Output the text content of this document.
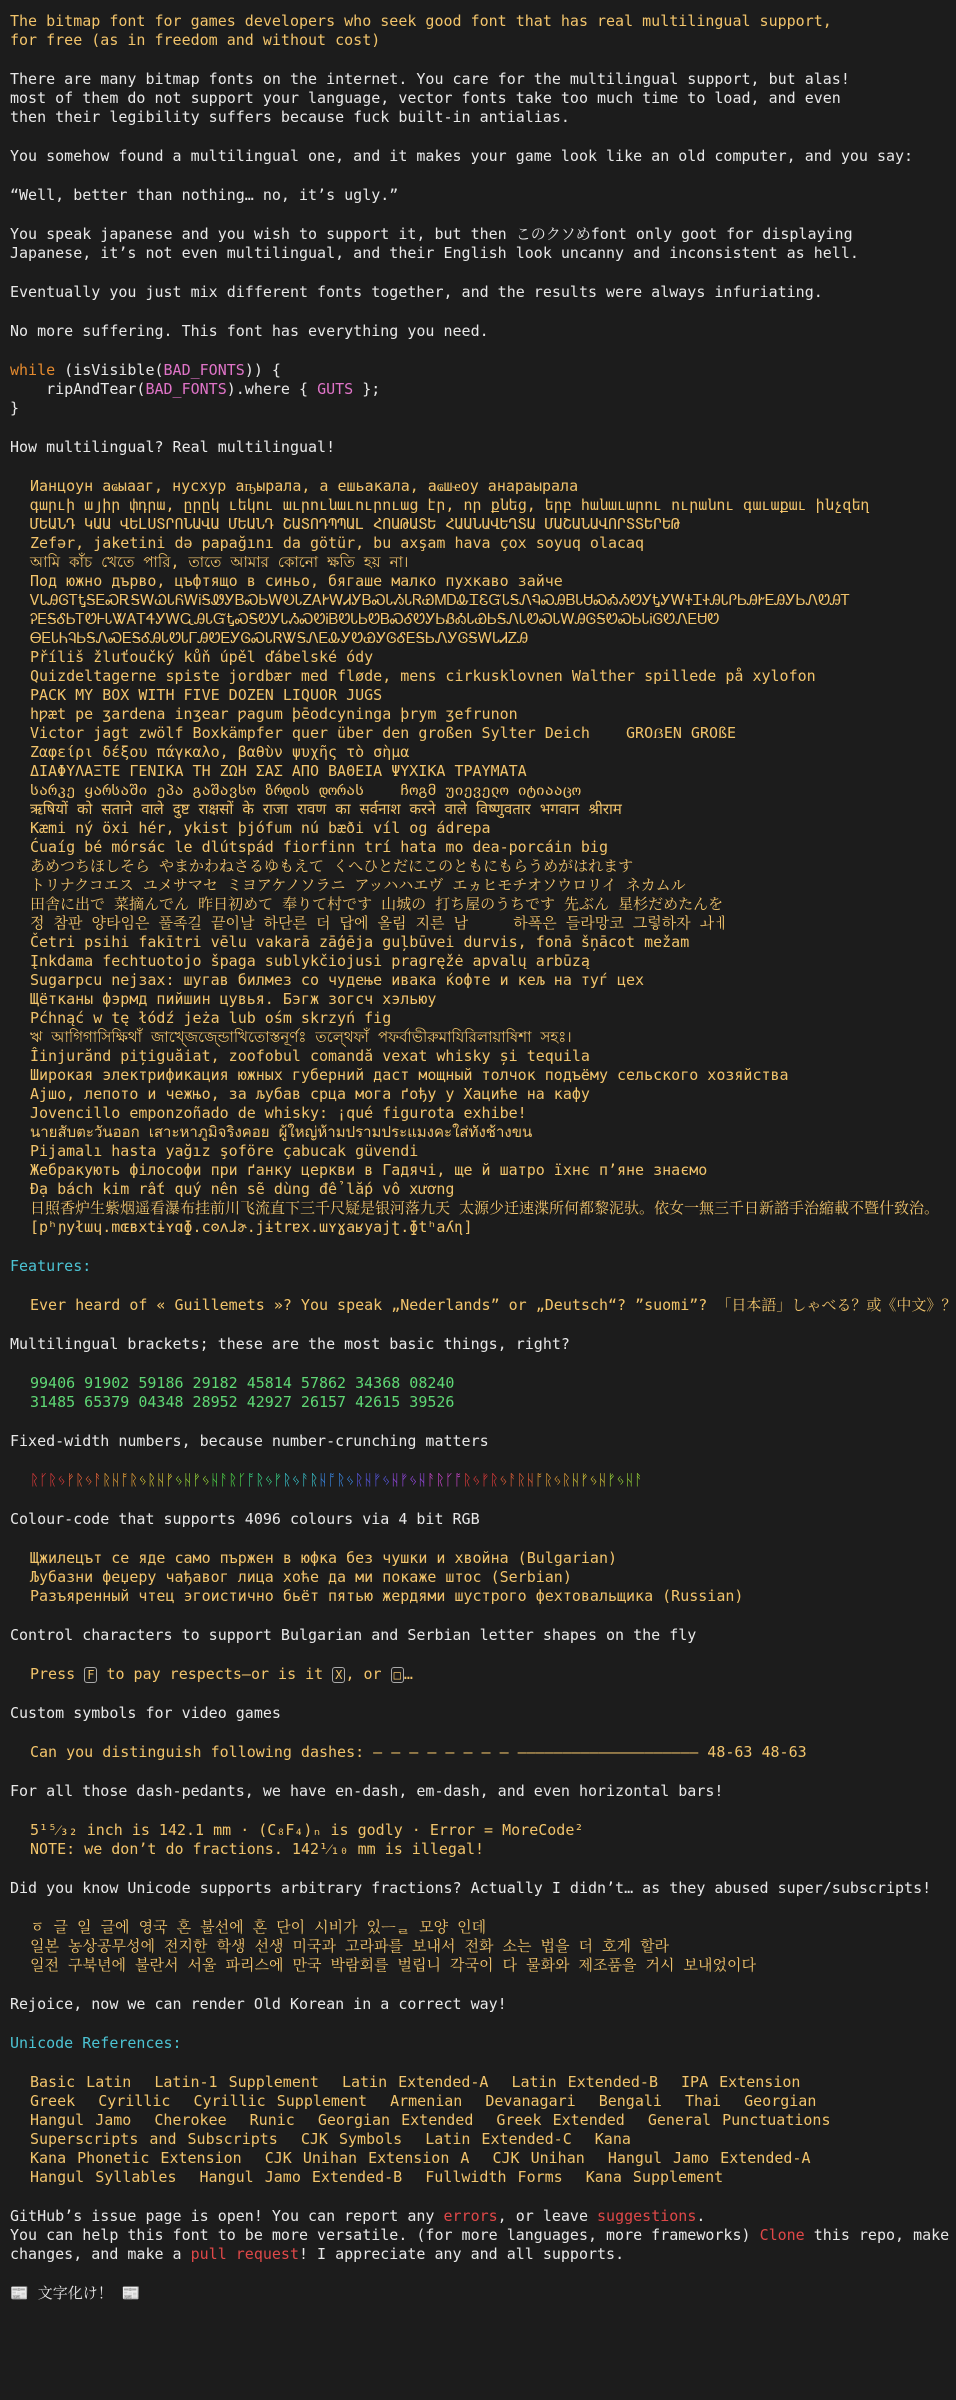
The bitmap font for games developers who seek good font that has real multilingual support,
for free (as in freedom and without cost)
There are many bitmap fonts on the internet. You care for the multilingual support, but alas!
most of them do not support your language, vector fonts take too much time to load, and even
then their legibility suffers because fuck built-in antialias.
You somehow found a multilingual one, and it makes your game look like an old computer, and you say:
“Well, better than nothing… no, it’s ugly.”
You speak japanese and you wish to support it, but then このクソめfont only goot for displaying
Japanese, it’s not even multilingual, and their English look uncanny and inconsistent as hell.
Eventually you just mix different fonts together, and the results were always infuriating.
No more suffering. This font has everything you need.
while (isVisible(BAD_FONTS)) {
ripAndTear(BAD_FONTS).where { GUTS };
}
How multilingual? Real multilingual!
Ианцоун аҩыааг, нусхур аҧырала, а ешьакала, аҩшҽоу анараырала
գարւի այիր փդրա, ըրըկ ւեկու աւրունաւուրուաց էր, որ քնեց, երբ հանաւարու ուրանու գաւաքաւ ինչզեղ
ՄԵԱՆԴ ԿԱԱ ՎԵԼՍՏՐՈՆԱՎԱ ՄԵԱՆԴ ՇԱՏՈԴՊՊԱԼ ՀՈԱԹԱՏԵ ՀԱԱՆԱՎԵՂՏԱ ՄԱՇԱՆԱՎՈՐՏՏԵՐԵԹ
Zefər, jaketini də papağını da götür, bu axşam hava çox soyuq olacaq
আমি কাঁচ খেতে পারি, তাতে আমার কোনো ক্ষতি হয় না।
Под южно дърво, цъфтящо в синьо, бягаше малко пухкаво зайче
ᏙᏓᎯᎶᎢᎿᎦᎬᏍᎡᎦᎳᏇᏓᏲᎳᎥᎦᏪᎩᏴᏍᏏᎳᎧᏓᏃᎪᎨᎳᏗᎩᏴᏍᏓᏱᏓᏒᏯᎷᎠᎲᏆᏋᏳᏓᎦᏁᏄᏍᎯᏴᏓᏌᏍᎣᏱᏬᎩᎿᎩᎳᏐᏆᏐᎯᏓᎵᏏᎯᎨᎬᎯᎩᏏᏁᏬᎯᎢ
ᎮᎬᎦᎴᏏᎢᏬᎰᏓᏔᎪᎢᏎᎩᎳᏩᎯᏓᏳᎿᏍᎦᏬᎩᏓᏱᏍᏬᎥᏴᏬᏓᏏᏬᏴᏍᎴᏬᎩᏏᏰᎣᏓᏯᏏᎦᏁᏓᏬᏍᏓᎳᎯᎶᎦᏬᏍᏏᏓᎥᎶᏬᏁᎬᏌᏬ
ᎾᎬᏓᏂᎸᏏᎦᏁᏍᎬᎦᎴᎯᏓᏬᏓᎱᎯᏬᎬᎩᎶᏍᏓᏒᏔᎦᏁᎬᎲᎩᏬᏯᎩᎶᎴᎬᎦᏏᏁᎩᎶᎦᎳᏓᏗᏃᎯ
Příliš žluťoučký kůň úpěl ďábelské ódy
Quizdeltagerne spiste jordbær med fløde, mens cirkusklovnen Walther spillede på xylofon
PACK MY BOX WITH FIVE DOZEN LIQUOR JUGS
hƿæt pe ʒardena inʒear ƿagum þēodcyninga þrym ʒefrunon
Victor jagt zwölf Boxkämpfer quer über den großen Sylter Deich    GROẞEN GROßE
Ζαφείρι δέξου πάγκαλο, βαθὺν ψυχῆς τὸ σὴμα
ΔΙΑΦΥΛΑΞΤΕ ΓΕΝΙΚΑ ΤΗ ΖΩΗ ΣΑΣ ΑΠΟ ΒΑΘΕΙΑ ΨΥΧΙΚΑ ΤΡΑΥΜΑΤΑ
სარკე ყარსაში ეპა გაშავსო ზრდის დორას    ჩოგმ უიეველო იტიააცო
ऋषियों को सताने वाले दुष्ट राक्षसों के राजा रावण का सर्वनाश करने वाले विष्णुवतार भगवान श्रीराम
Kæmi ný öxi hér, ykist þjófum nú bæði víl og ádrepa
Ćuaíg bé mórsác le dlútspád fiorfinn trí hata mo dea-porcáin big
あめつちほしそら やまかわねさるゆもえて くへひとだにこのともにもらうめがはれます
トリナクコエス ユメサマセ ミヨアケノソラニ アッハハエヴ エヵヒモチオソウロリイ ネカムル
田舎に出で 菜摘んでん 昨日初めて 奉りて村です 山城の 打ち屋のうちです 先ぶん 星杉だめたんを
정 참판 양타임은 풀족길 끝이날 하단른 더 답에 올림 지른 남     하폭은 들라망코 그렇하자 ㅘㅔ
Četri psihi fakītri vēlu vakarā zāģēja guļbūvei durvis, fonā šņācot mežam
Įnkdama fechtuotojo špaga sublykčiojusi pragręžė apvalų arbūzą
Sugarpcu neјзах: шугав билмез со чудење ивака ќофте и кељ на туѓ цех
Щётканы фэрмд пийшин цувья. Бэгж зогсч хэльюу
Pćhnąć w tę łódź jeża lub ośm skrzyń fig
ঋ আগিগাসিক্ষিথাঁ জাখ্জেজ্ন্ডোখিতোস্তনূর্ণঃ তল্থেফাঁ পফর্বাভীরুমাযিরিলায়াষিশা সহঃ।
Îinjurănd pițiguăiat, zoofobul comandă vexat whisky și tequila
Широкая электрификация южных губерний даст мощный толчок подъёму сельского хозяйства
Ајшо, лепото и чежњо, за љубав срца мога ґођу у Хациће на кафу
Jovencillo emponzoñado de whisky: ¡qué figurota exhibe!
นายสับตะวันออก เสาะหาภูมิจริงคอย ผู้ใหญ่ห้ามปรามประแมงคะใส่ทังช้างขน
Pijamalı hasta yağız şoföre çabucak güvendi
Жебракують філософи при ґанку церкви в Гадячі, ще й шатро їхнє п’яне знаємо
Đạ bách kim rất quý nên sẽ dùng để lắp vô xương
日照香炉生紫烟遥看瀑布挂前川飞流直下三千尺疑是银河落九天 太源少迁速渫所何都黎泥驮。依女一無三千日新諮手治縮載不暨什致治。
[pʰɲyłɯɥ.mɶʙxtɨʏɑɸ.cʘʌɺɚ.jɨtrɐx.ɯʏɣaʁyajʈ.ɸtʰaʎɳ]
Features:
Ever heard of « Guillemets »? You speak „Nederlands” or „Deutsch“? ”suomi”? 「日本語」しゃべる？或《中文》？
Multilingual brackets; these are the most basic things, right?
99406 91902 59186 29182 45814 57862 34368 08240
31485 65379 04348 28952 42927 26157 42615 39526
Fixed-width numbers, because number-crunching matters
ᚱᚴᚱᛃᚠᚱᛃᚨᚱᚺᚩᚱᛃᚱᚺᚠᛃᚺᚠᛃᚺᚨᚱᚴᚩᚱᛃᚠᚱᛃᚨᚱᚺᚩᚱᛃᚱᚺᚠᛃᚺᚠᛃᚺᚨᚱᚴᚩᚱᛃᚠᚱᛃᚨᚱᚺᚩᚱᛃᚱᚺᚠᛃᚺᚠᛃᚺᚨ
Colour-code that supports 4096 colours via 4 bit RGB
Щжилецът се яде само пържен в юфка без чушки и хвойна (Bulgarian)
Љубазни феџеру чађавог лица хоће да ми покаже штос (Serbian)
Разъяренный чтец эгоистично бьёт пятью жердями шустрого фехтовальщика (Russian)
Control characters to support Bulgarian and Serbian letter shapes on the fly
Press F to pay respects—or is it X , or □ …
Custom symbols for video games
Can you distinguish following dashes: ‒ ‒ ‒ ‒ ‒ ‒ ‒ ‒ –––––––———————―――――― 48-63 48-63
For all those dash-pedants, we have en-dash, em-dash, and even horizontal bars!
5¹⁵⁄₃₂ inch is 142.1 mm · (C₈F₄)ₙ is godly · Error = MoreCode²
NOTE: we don’t do fractions. 142¹⁄₁₀ mm is illegal!
Did you know Unicode supports arbitrary fractions? Actually I didn’t… as they abused super/subscripts!
ㆆ 글 일 글에 영국 혼 불선에 혼 단이 시비가 있ᅳᆯ 모양 인데
일본 농상공무성에 전지한 학생 선생 미국과 고라파를 보내서 전화 소는 법을 더 호게 할라
일전 구북년에 불란서 서울 파리스에 만국 박람회를 벌립니 각국이 다 물화와 제조품을 거시 보내었이다
Rejoice, now we can render Old Korean in a correct way!
Unicode References:
Basic Latin Latin-1 Supplement Latin Extended-A Latin Extended-B IPA Extension Greek Cyrillic Cyrillic Supplement Armenian Devanagari Bengali Thai Georgian Hangul Jamo Cherokee Runic Georgian Extended Greek Extended General Punctuations Superscripts and Subscripts CJK Symbols Latin Extended-C Kana Kana Phonetic Extension CJK Unihan Extension A CJK Unihan Hangul Jamo Extended-A Hangul Syllables Hangul Jamo Extended-B Fullwidth Forms Kana Supplement
GitHub’s issue page is open! You can report any errors, or leave suggestions.
You can help this font to be more versatile. (for more languages, more frameworks) Clone this repo, make
changes, and make a pull request! I appreciate any and all supports.
📰 文字化け！ 📰
